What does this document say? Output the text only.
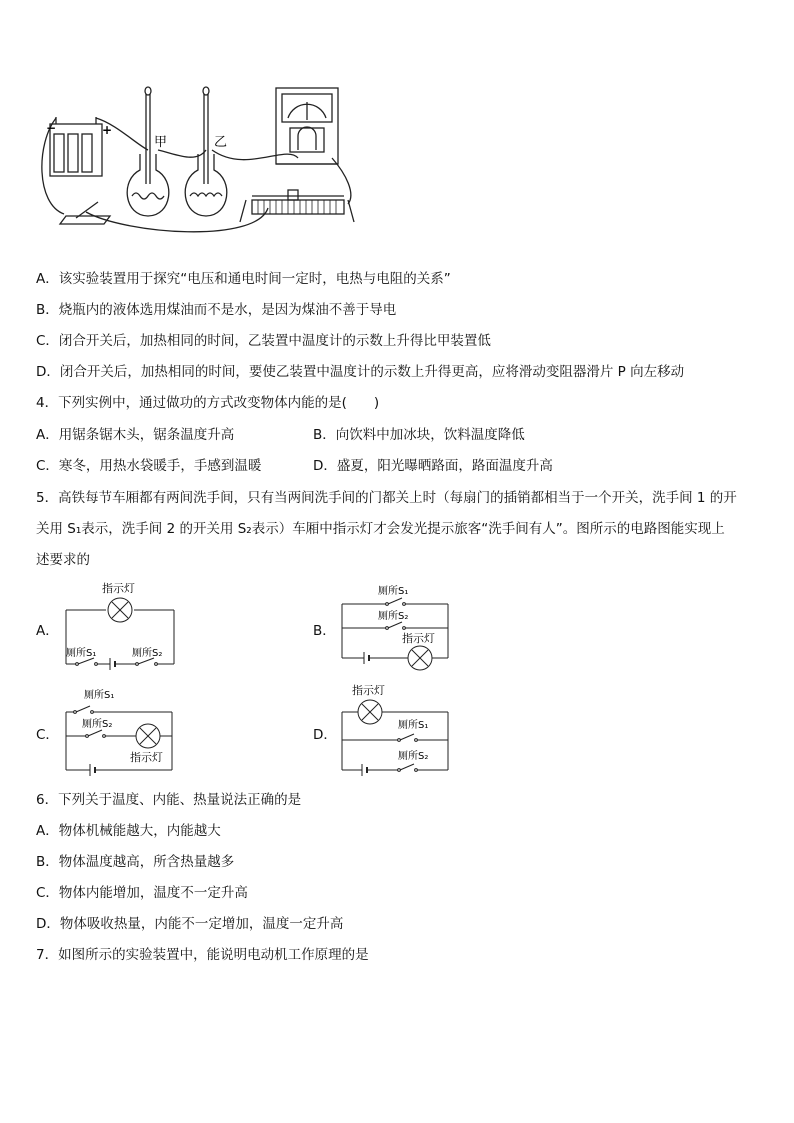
+
−
甲	乙
A．该实验装置用于探究“电压和通电时间一定时，电热与电阻的关系”
B．烧瓶内的液体选用煤油而不是水，是因为煤油不善于导电
C．闭合开关后，加热相同的时间，乙装置中温度计的示数上升得比甲装置低
D．闭合开关后，加热相同的时间，要使乙装置中温度计的示数上升得更高，应将滑动变阻器滑片 P 向左移动
4．下列实例中，通过做功的方式改变物体内能的是(　　)
A．用锯条锯木头，锯条温度升高	B．向饮料中加冰块，饮料温度降低
C．寒冬，用热水袋暖手，手感到温暖	D．盛夏，阳光曝晒路面，路面温度升高
5．高铁每节车厢都有两间洗手间，只有当两间洗手间的门都关上时（每扇门的插销都相当于一个开关，洗手间 1 的开
关用 S₁表示，洗手间 2 的开关用 S₂表示）车厢中指示灯才会发光提示旅客“洗手间有人”。图所示的电路图能实现上
述要求的
A．
指示灯
厕所S₁	厕所S₂
B．
厕所S₁
厕所S₂
指示灯
C．
厕所S₁
厕所S₂
指示灯
D．
指示灯
厕所S₁
厕所S₂
6．下列关于温度、内能、热量说法正确的是
A．物体机械能越大，内能越大
B．物体温度越高，所含热量越多
C．物体内能增加，温度不一定升高
D．物体吸收热量，内能不一定增加，温度一定升高
7．如图所示的实验装置中，能说明电动机工作原理的是
